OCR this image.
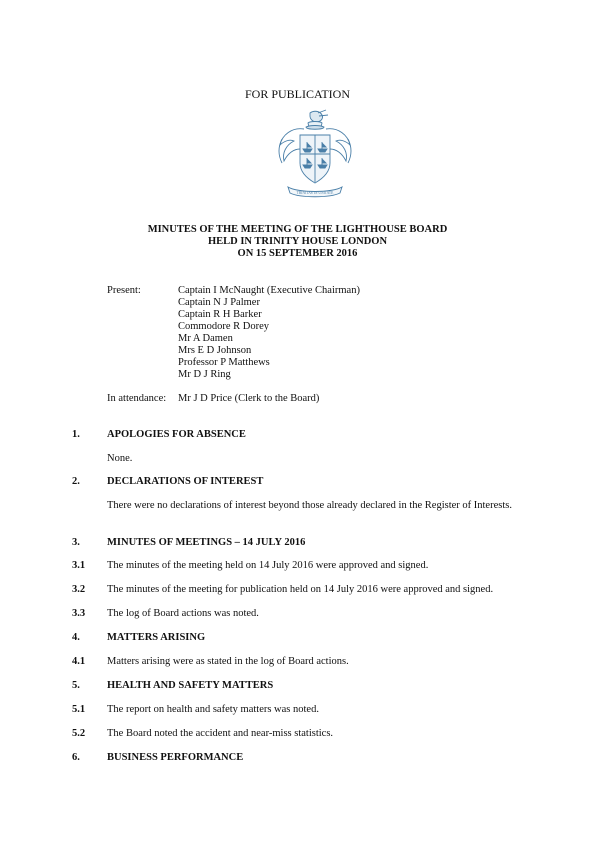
FOR PUBLICATION
TRINITAS IN UNITATE
MINUTES OF THE MEETING OF THE LIGHTHOUSE BOARD
HELD IN TRINITY HOUSE LONDON
ON 15 SEPTEMBER 2016
Present:	Captain I McNaught (Executive Chairman)
Captain N J Palmer
Captain R H Barker
Commodore R Dorey
Mr A Damen
Mrs E D Johnson
Professor P Matthews
Mr D J Ring
In attendance: Mr J D Price (Clerk to the Board)
1.	APOLOGIES FOR ABSENCE
None.
2.	DECLARATIONS OF INTEREST
There were no declarations of interest beyond those already declared in the Register of Interests.
3.	MINUTES OF MEETINGS – 14 JULY 2016
3.1	The minutes of the meeting held on 14 July 2016 were approved and signed.
3.2	The minutes of the meeting for publication held on 14 July 2016 were approved and signed.
3.3	The log of Board actions was noted.
4.	MATTERS ARISING
4.1	Matters arising were as stated in the log of Board actions.
5.	HEALTH AND SAFETY MATTERS
5.1	The report on health and safety matters was noted.
5.2	The Board noted the accident and near-miss statistics.
6.	BUSINESS PERFORMANCE
